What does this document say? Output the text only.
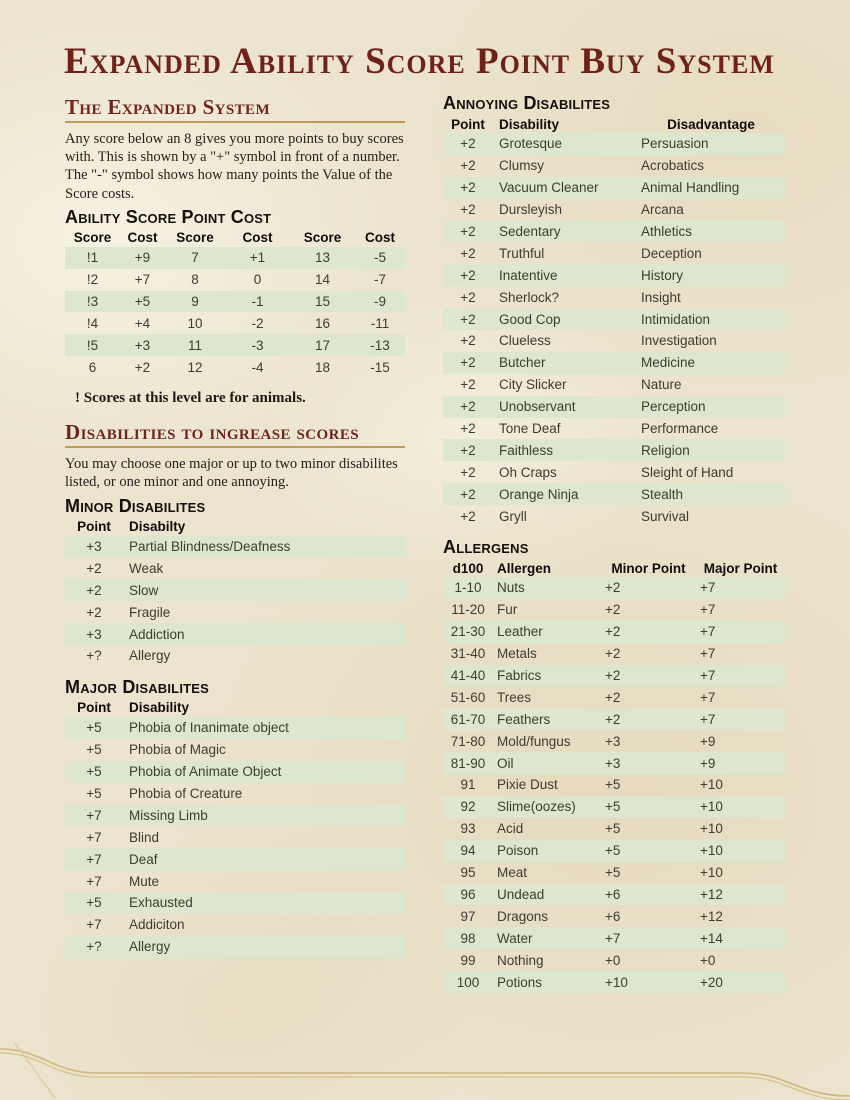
Expanded Ability Score Point Buy System
The Expanded System

Any score below an 8 gives you more points to buy scores with. This is shown by a "+" symbol in front of a number. The "-" symbol shows how many points the Value of the Score costs.

Ability Score Point Cost
Score	Cost	Score	Cost	Score	Cost
!1	+9	7	+1	13	-5
!2	+7	8	0	14	-7
!3	+5	9	-1	15	-9
!4	+4	10	-2	16	-11
!5	+3	11	-3	17	-13
6	+2	12	-4	18	-15

! Scores at this level are for animals.

Disabilities to ingrease scores

You may choose one major or up to two minor disabilites listed, or one minor and one annoying.

Minor Disabilites
Point	Disabilty
+3	Partial Blindness/Deafness
+2	Weak
+2	Slow
+2	Fragile
+3	Addiction
+?	Allergy
Major Disabilites
Point	Disability
+5	Phobia of Inanimate object
+5	Phobia of Magic
+5	Phobia of Animate Object
+5	Phobia of Creature
+7	Missing Limb
+7	Blind
+7	Deaf
+7	Mute
+5	Exhausted
+7	Addiciton
+?	Allergy
Annoying Disabilites
Point	Disability	Disadvantage
+2	Grotesque	Persuasion
+2	Clumsy	Acrobatics
+2	Vacuum Cleaner	Animal Handling
+2	Dursleyish	Arcana
+2	Sedentary	Athletics
+2	Truthful	Deception
+2	Inatentive	History
+2	Sherlock?	Insight
+2	Good Cop	Intimidation
+2	Clueless	Investigation
+2	Butcher	Medicine
+2	City Slicker	Nature
+2	Unobservant	Perception
+2	Tone Deaf	Performance
+2	Faithless	Religion
+2	Oh Craps	Sleight of Hand
+2	Orange Ninja	Stealth
+2	Gryll	Survival
Allergens
d100	Allergen	Minor Point	Major Point
1-10	Nuts	+2	+7
11-20 Fur	+2	+7
21-30 Leather	+2	+7
31-40 Metals	+2	+7
41-40 Fabrics	+2	+7
51-60 Trees	+2	+7
61-70 Feathers	+2	+7
71-80 Mold/fungus	+3	+9
81-90 Oil	+3	+9
91	Pixie Dust	+5	+10
92	Slime(oozes)	+5	+10
93	Acid	+5	+10
94	Poison	+5	+10
95	Meat	+5	+10
96	Undead	+6	+12
97	Dragons	+6	+12
98	Water	+7	+14
99	Nothing	+0	+0
100	Potions	+10	+20
